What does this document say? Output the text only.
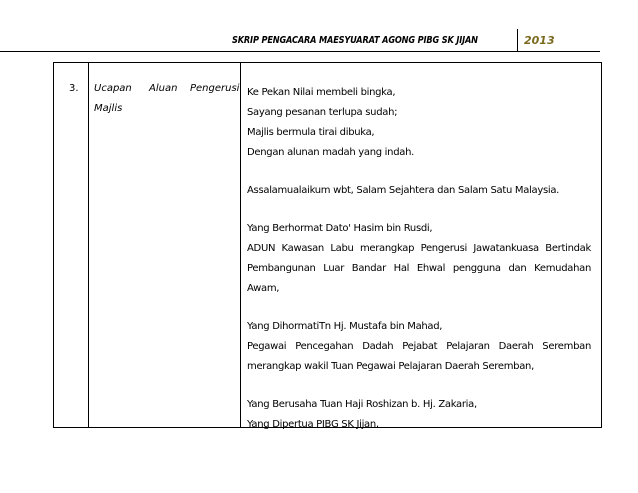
SKRIP PENGACARA MAESYUARAT AGONG PIBG SK JIJAN	2013
3. Ucapan Aluan Pengerusi
Majlis
Ke Pekan Nilai membeli bingka,
Sayang pesanan terlupa sudah;
Majlis bermula tirai dibuka,
Dengan alunan madah yang indah.
Assalamualaikum wbt, Salam Sejahtera dan Salam Satu Malaysia.
Yang Berhormat Dato' Hasim bin Rusdi,
ADUN Kawasan Labu merangkap Pengerusi Jawatankuasa Bertindak
Pembangunan Luar Bandar Hal Ehwal pengguna dan Kemudahan
Awam,
Yang DihormatiTn Hj. Mustafa bin Mahad,
Pegawai Pencegahan Dadah Pejabat Pelajaran Daerah Seremban
merangkap wakil Tuan Pegawai Pelajaran Daerah Seremban,
Yang Berusaha Tuan Haji Roshizan b. Hj. Zakaria,
Yang Dipertua PIBG SK Jijan,
